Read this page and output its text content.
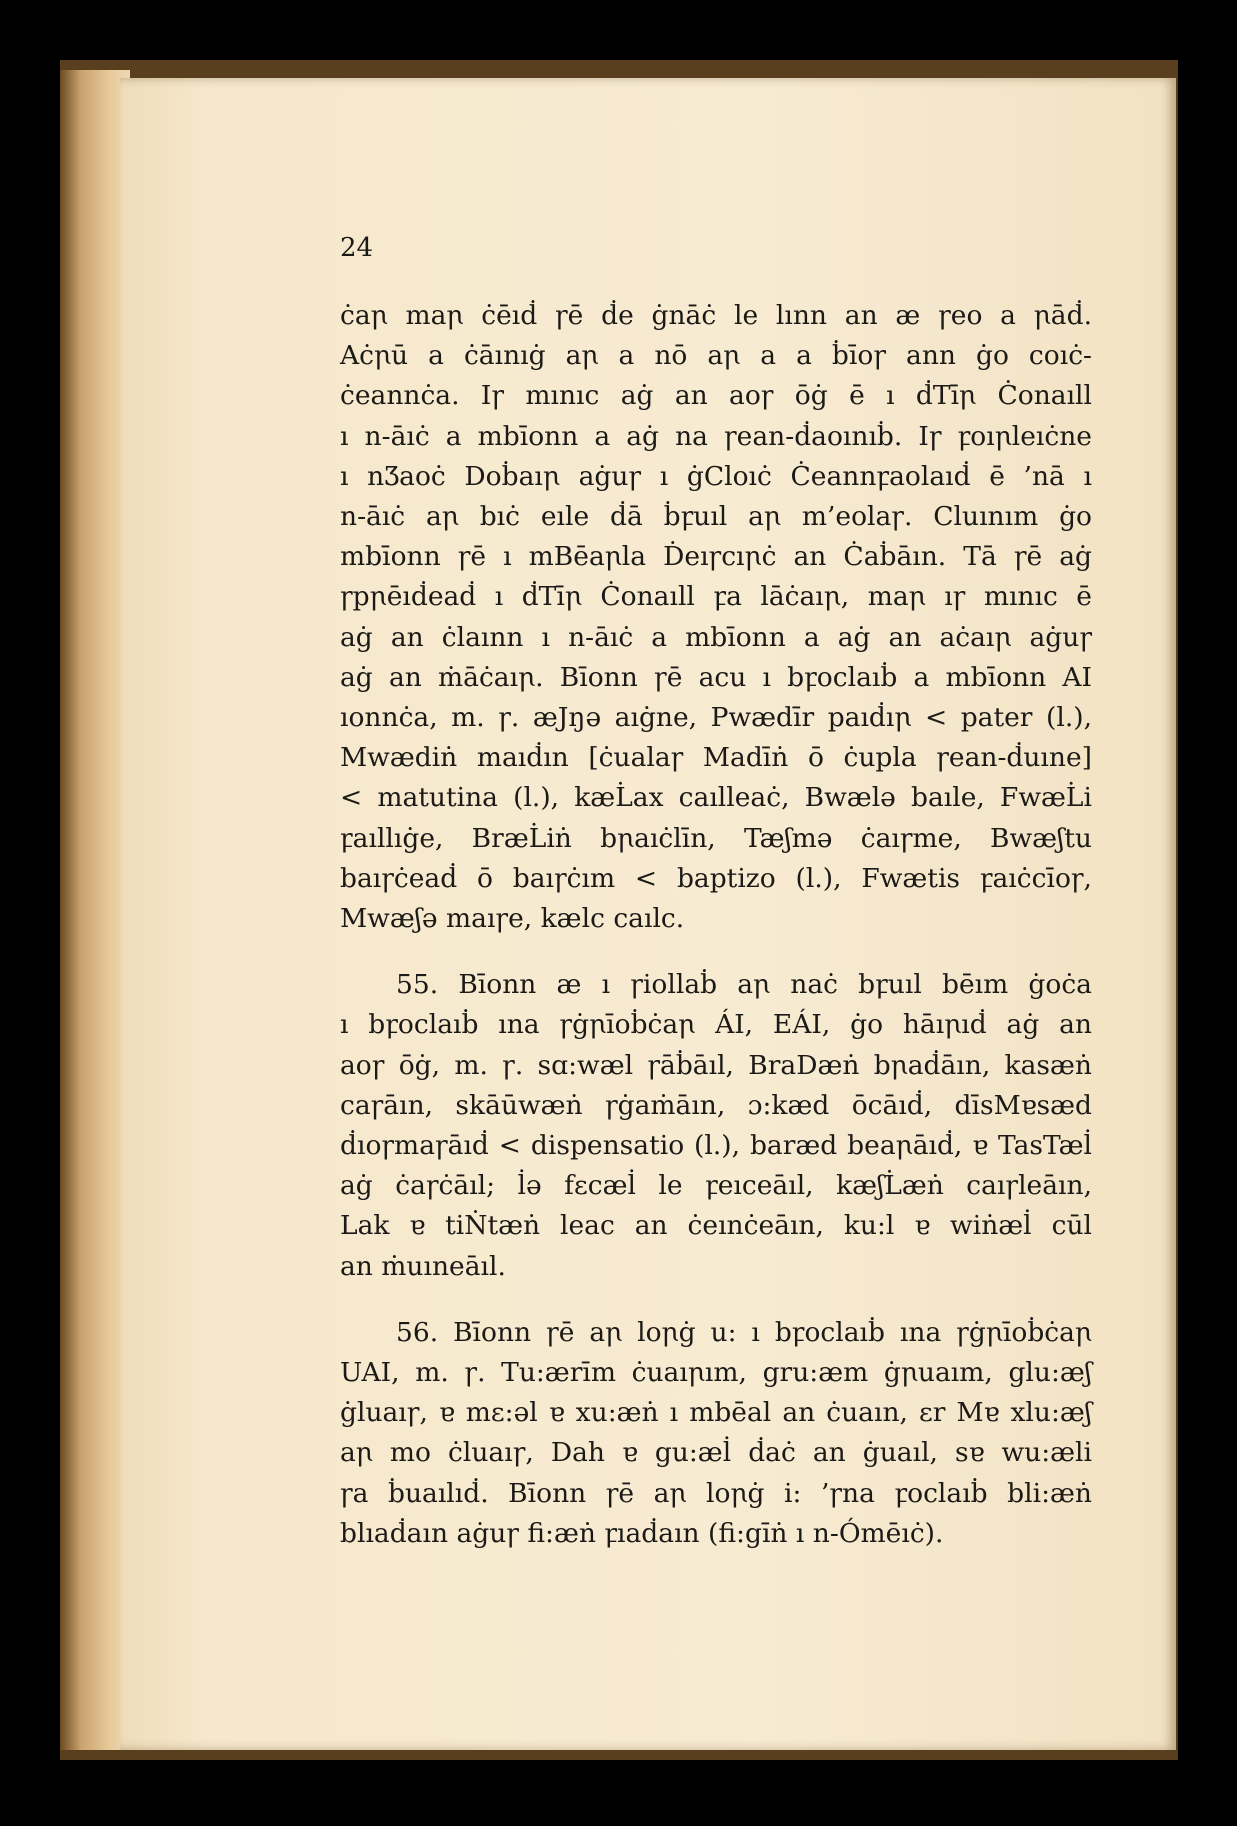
24

ċaꞃ maꞃ ċēıḋ ꞅē ḋe ġnāċ le lınn an æ ꞅeo a ꞃāḋ.
Aċꞃū a ċāınıġ aꞃ a nō aꞃ a a ḃīoꞅ ann ġo coıċ-
ċeannċa. Iꞅ mınıc aġ an aoꞅ ōġ ē ı ḋTīꞃ Ċonaıll
ı n-āıċ a mbīonn a aġ na ꞅean-ḋaoınıḃ. Iꞅ ꝼoıꞃleıċne
ı nƷaoċ Doḃaıꞃ aġuꞅ ı ġCloıċ Ċeannꝼaolaıḋ ē ’nā ı
n-āıċ aꞃ bıċ eıle ḋā ḃꝼuıl aꞃ m’eolaꞅ. Cluınım ġo
mbīonn ꞅē ı mBēaꞃla Ḋeıꞅcıꞃċ an Ċaḃāın. Tā ꞅē aġ
ꞅpꞃēıḋeaḋ ı ḋTīꞃ Ċonaıll ꝼa lāċaıꞃ, maꞃ ıꞅ mınıc ē
aġ an ċlaınn ı n-āıċ a mbīonn a aġ an aċaıꞃ aġuꞅ
aġ an ṁāċaıꞃ. Bīonn ꞅē acu ı bꝼoclaıḃ a mbīonn AI
ıonnċa, m. ꞅ. æJŋə aıġne, Pwædīr paıḋıꞃ < pater (l.),
Mwædiṅ maıḋın [ċualaꞅ Madīṅ ō ċupla ꞅean-ḋuıne]
< matutina (l.), kæL̇ax caılleaċ, Bwælə baıle, FwæL̇i
ꝼaıllıġe, BræL̇iṅ bꞃaıċlīn, Tæʃmə ċaıꞅme, Bwæʃtu
baıꞅċeaḋ ō baıꞅċım < baptizo (l.), Fwætis ꝼaıċcīoꞅ,
Mwæʃə maıꞅe, kælc caılc.
55. Bīonn æ ı ꞅiollaḃ aꞃ naċ bꝼuıl bēım ġoċa
ı bꝼoclaıḃ ına ꞅġꞃīoḃċaꞃ ÁI, EÁI, ġo hāıꞃıḋ aġ an
aoꞅ ōġ, m. ꞅ. sɑ:wæl ꞅāḃāıl, BraDæṅ bꞃaḋāın, kasæṅ
caꞅāın, skāūwæṅ ꞅġaṁāın, ɔ:kæd ōcāıḋ, dīsMɐsæd
ḋıoꞅmaꞅāıḋ < dispensatio (l.), baræd beaꞃāıḋ, ɐ TasTæl̇
aġ ċaꞅċāıl; l̇ə fɛcæl̇ le ꝼeıceāıl, kæʃL̇æṅ caıꞅleāın,
Lak ɐ tiṄtæṅ leac an ċeınċeāın, ku:l ɐ wiṅæl̇ cūl
an ṁuıneāıl.
56. Bīonn ꞅē aꞃ loꞃġ u: ı bꝼoclaıḃ ına ꞅġꞃīoḃċaꞃ
UAI, m. ꞅ. Tu:ærīm ċuaıꞃım, gru:æm ġꞃuaım, glu:æʃ
ġluaıꞅ, ɐ mɛ:əl ɐ xu:æṅ ı mbēal an ċuaın, ɛr Mɐ xlu:æʃ
aꞃ mo ċluaıꞅ, Dah ɐ gu:æl̇ ḋaċ an ġuaıl, sɐ wu:æli
ꞅa ḃuaılıḋ. Bīonn ꞅē aꞃ loꞃġ i: ’ꞅna ꝼoclaıḃ bli:æṅ
blıaḋaın aġuꞅ fi:æṅ ꝼıaḋaın (fi:gīṅ ı n-Ómēıċ).
